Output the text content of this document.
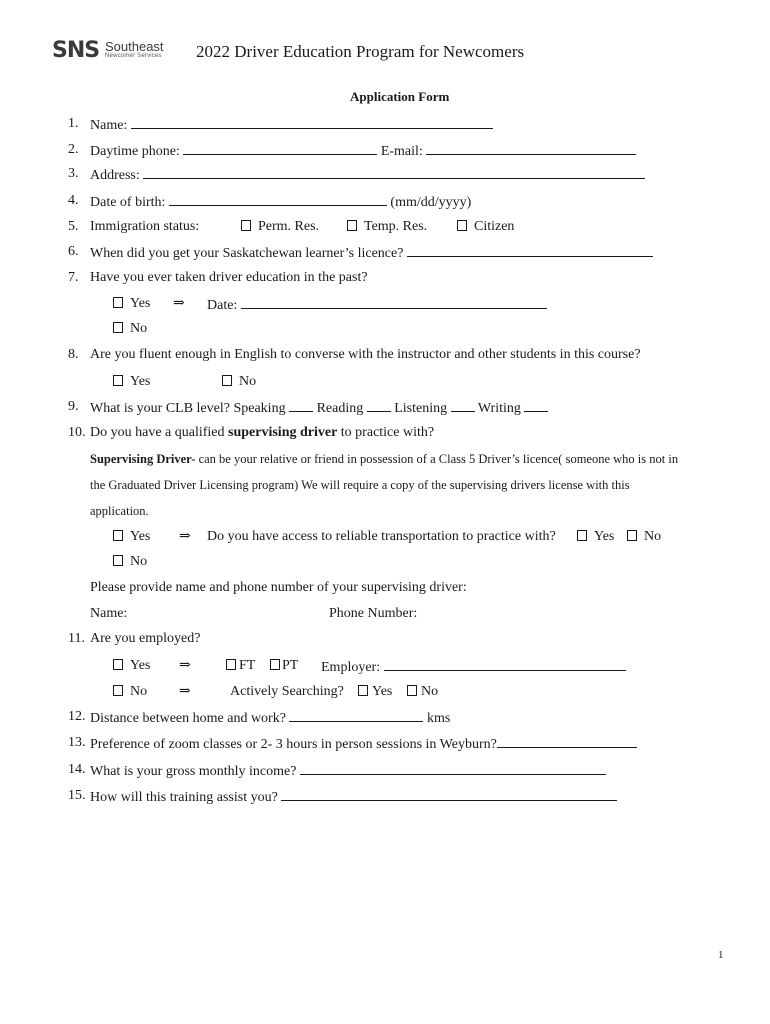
SNS Southeast
Newcomer Services 2022 Driver Education Program for Newcomers
Application Form
1. Name:
2. Daytime phone:	E-mail:
3. Address:
4. Date of birth:	(mm/dd/yyyy)
5. Immigration status:	Perm. Res.	Temp. Res.	Citizen
6. When did you get your Saskatchewan learner’s licence?
7. Have you ever taken driver education in the past?
Yes ⇒ Date:
No
8. Are you fluent enough in English to converse with the instructor and other students in this course?
Yes	No
9. What is your CLB level? Speaking Reading Listening Writing
10. Do you have a qualified supervising driver to practice with?
Supervising Driver- can be your relative or friend in possession of a Class 5 Driver’s licence( someone who is not in
the Graduated Driver Licensing program) We will require a copy of the supervising drivers license with this
application.
Yes ⇒ Do you have access to reliable transportation to practice with?	Yes	No
No
Please provide name and phone number of your supervising driver:
Name:	Phone Number:
11. Are you employed?
Yes ⇒	FT	PT Employer:
No ⇒	Actively Searching?	Yes	No
12. Distance between home and work?	kms
13. Preference of zoom classes or 2- 3 hours in person sessions in Weyburn?
14. What is your gross monthly income?
15. How will this training assist you?
1
